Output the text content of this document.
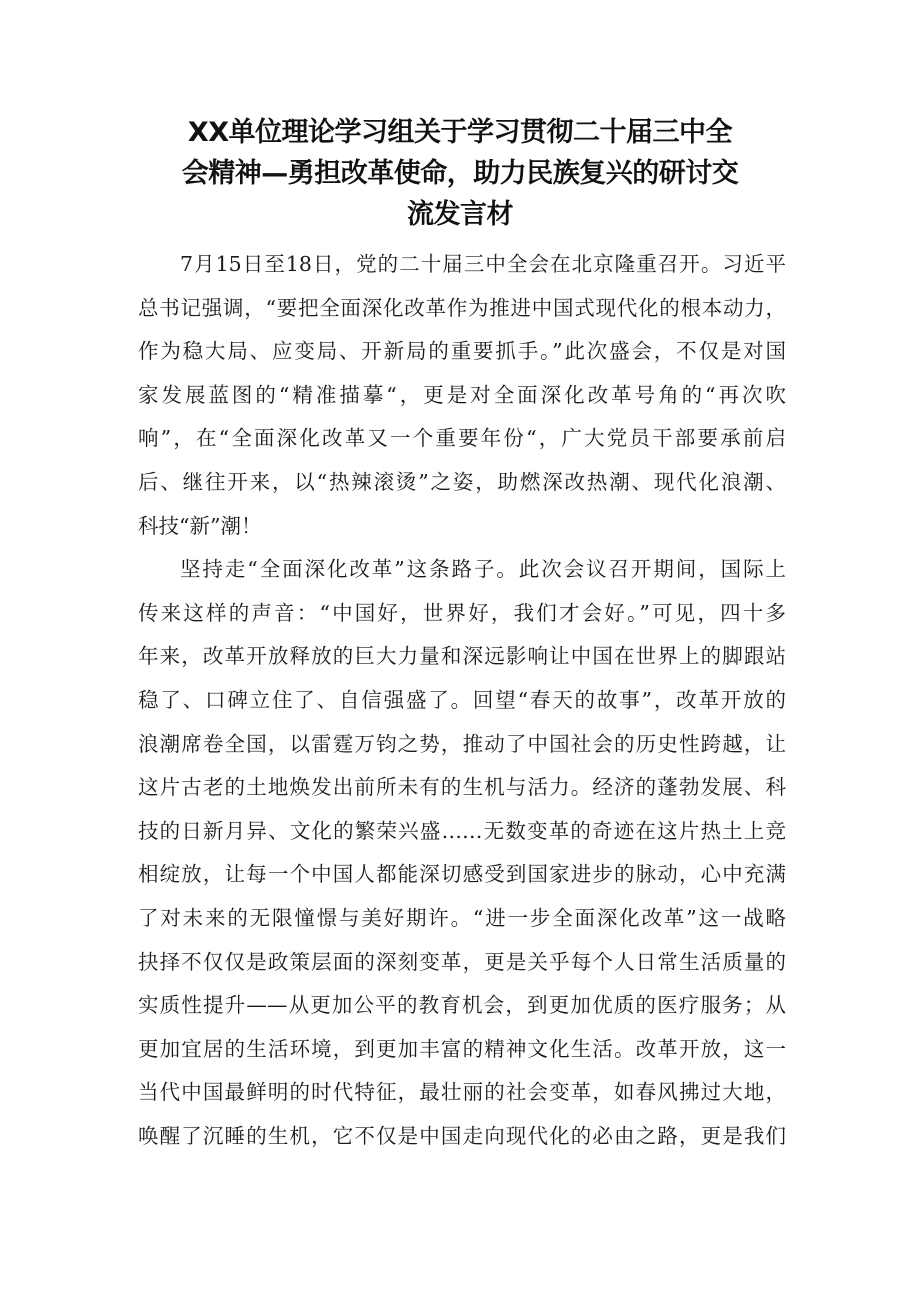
XX单位理论学习组关于学习贯彻二十届三中全
会精神—勇担改革使命，助力民族复兴的研讨交
流发言材
7月15日至18日，党的二十届三中全会在北京隆重召开。习近平
总书记强调，“要把全面深化改革作为推进中国式现代化的根本动力，
作为稳大局、应变局、开新局的重要抓手。”此次盛会，不仅是对国
家发展蓝图的“精准描摹“，更是对全面深化改革号角的“再次吹
响”，在“全面深化改革又一个重要年份“，广大党员干部要承前启
后、继往开来，以“热辣滚烫”之姿，助燃深改热潮、现代化浪潮、
科技“新”潮！
坚持走“全面深化改革”这条路子。此次会议召开期间，国际上
传来这样的声音：“中国好，世界好，我们才会好。”可见，四十多
年来，改革开放释放的巨大力量和深远影响让中国在世界上的脚跟站
稳了、口碑立住了、自信强盛了。回望“春天的故事”，改革开放的
浪潮席卷全国，以雷霆万钧之势，推动了中国社会的历史性跨越，让
这片古老的土地焕发出前所未有的生机与活力。经济的蓬勃发展、科
技的日新月异、文化的繁荣兴盛……无数变革的奇迹在这片热土上竞
相绽放，让每一个中国人都能深切感受到国家进步的脉动，心中充满
了对未来的无限憧憬与美好期许。“进一步全面深化改革”这一战略
抉择不仅仅是政策层面的深刻变革，更是关乎每个人日常生活质量的
实质性提升——从更加公平的教育机会，到更加优质的医疗服务；从
更加宜居的生活环境，到更加丰富的精神文化生活。改革开放，这一
当代中国最鲜明的时代特征，最壮丽的社会变革，如春风拂过大地，
唤醒了沉睡的生机，它不仅是中国走向现代化的必由之路，更是我们
